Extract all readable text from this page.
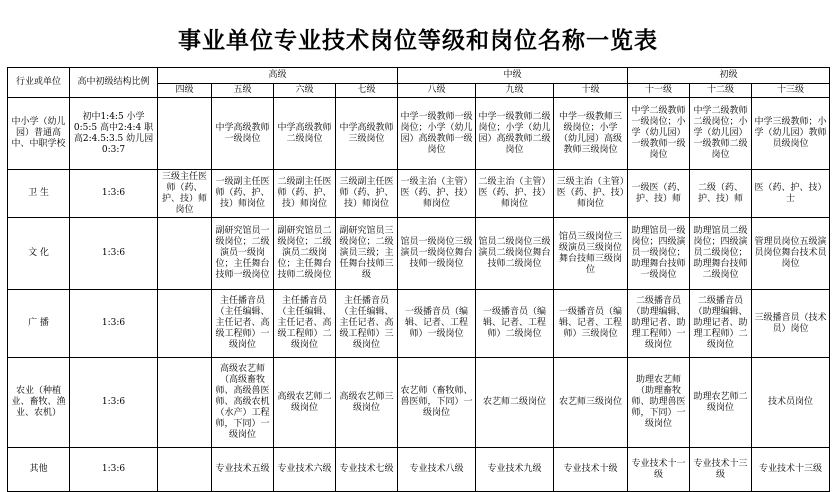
事业单位专业技术岗位等级和岗位名称一览表
行业或单位	高中初级结构比例	高级				中级			初级		
		四级	五级	六级	七级	八级	九级	十级	十一级	十二级	十三级
中小学（幼儿园）普通高中、中职学校	初中1:4:5 小学0:5:5 高中2:4:4 职高2:4.5:3.5 幼儿园0:3:7		中学高级教师一级岗位	中学高级教师二级岗位	中学高级教师三级岗位	中学一级教师一级岗位；小学（幼儿园）高级教师一级岗位	中学一级教师二级岗位；小学（幼儿园）高级教师二级岗位	中学一级教师三级岗位；小学（幼儿园）高级教师三级岗位	中学二级教师一级岗位；小学（幼儿园）一级教师一级岗位	中学二级教师二级岗位；小学（幼儿园）一级教师二级岗位	中学三级教师；小学（幼儿园）教师员级岗位
卫 生	1:3:6	三级主任医师（药、护、技）师岗位	一级副主任医师（药、护、技）师岗位	二级副主任医师（药、护、技）师岗位	三级副主任医师（药、护、技）师岗位	一级主治（主管）医（药、护、技）师岗位	二级主治（主管）医（药、护、技）师岗位	三级主治（主管）医（药、护、技）师岗位	一级医（药、护、技）师	二级（药、护、技）师	医（药、护、技）士
文 化	1:3:6		副研究馆员一级岗位；二级演员一级岗位；主任舞台技师一级岗位	副研究馆员二级岗位；二级演员二级岗位；主任舞台技师二级岗位	副研究馆员三级岗位；二级演员三级；主任舞台技师三级	馆员一级岗位三级演员一级岗位舞台技师一级岗位	馆员二级岗位三级演员二级岗位舞台技师二级岗位	馆员三级岗位三级演员三级岗位舞台技师三级岗位	助理馆员一级岗位；四级演员一级岗位；助理舞台技师一级岗位	助理馆员二级岗位；四级演员二级岗位；助理舞台技师二级岗位	管理员岗位五级演员岗位舞台技术员岗位
广 播	1:3:6		主任播音员（主任编辑、主任记者、高级工程师）一级岗位	主任播音员（主任编辑、主任记者、高级工程师）二级岗位	主任播音员（主任编辑、主任记者、高级工程师）三级岗位	一级播音员（编辑、记者、工程师）一级岗位	一级播音员（编辑、记者、工程师）二级岗位	一级播音员（编辑、记者、工程师）三级岗位	二级播音员（助理编辑、助理记者、助理工程师）一级岗位	二级播音员（助理编辑、助理记者、助理工程师）二级岗位	三级播音员（技术员）岗位
农业（种植业、畜牧、渔业、农机）	1:3:6		高级农艺师（高级畜牧师、高级兽医师、高级农机（水产）工程师，下同）一级岗位	高级农艺师二级岗位	高级农艺师三级岗位	农艺师（畜牧师、兽医师，下同）一级岗位	农艺师二级岗位	农艺师三级岗位	助理农艺师（助理畜牧师、助理兽医师，下同）一级岗位	助理农艺师二级岗位	技术员岗位
其他	1:3:6		专业技术五级	专业技术六级	专业技术七级	专业技术八级	专业技术九级	专业技术十级	专业技术十一级	专业技术十三级	专业技术十三级
